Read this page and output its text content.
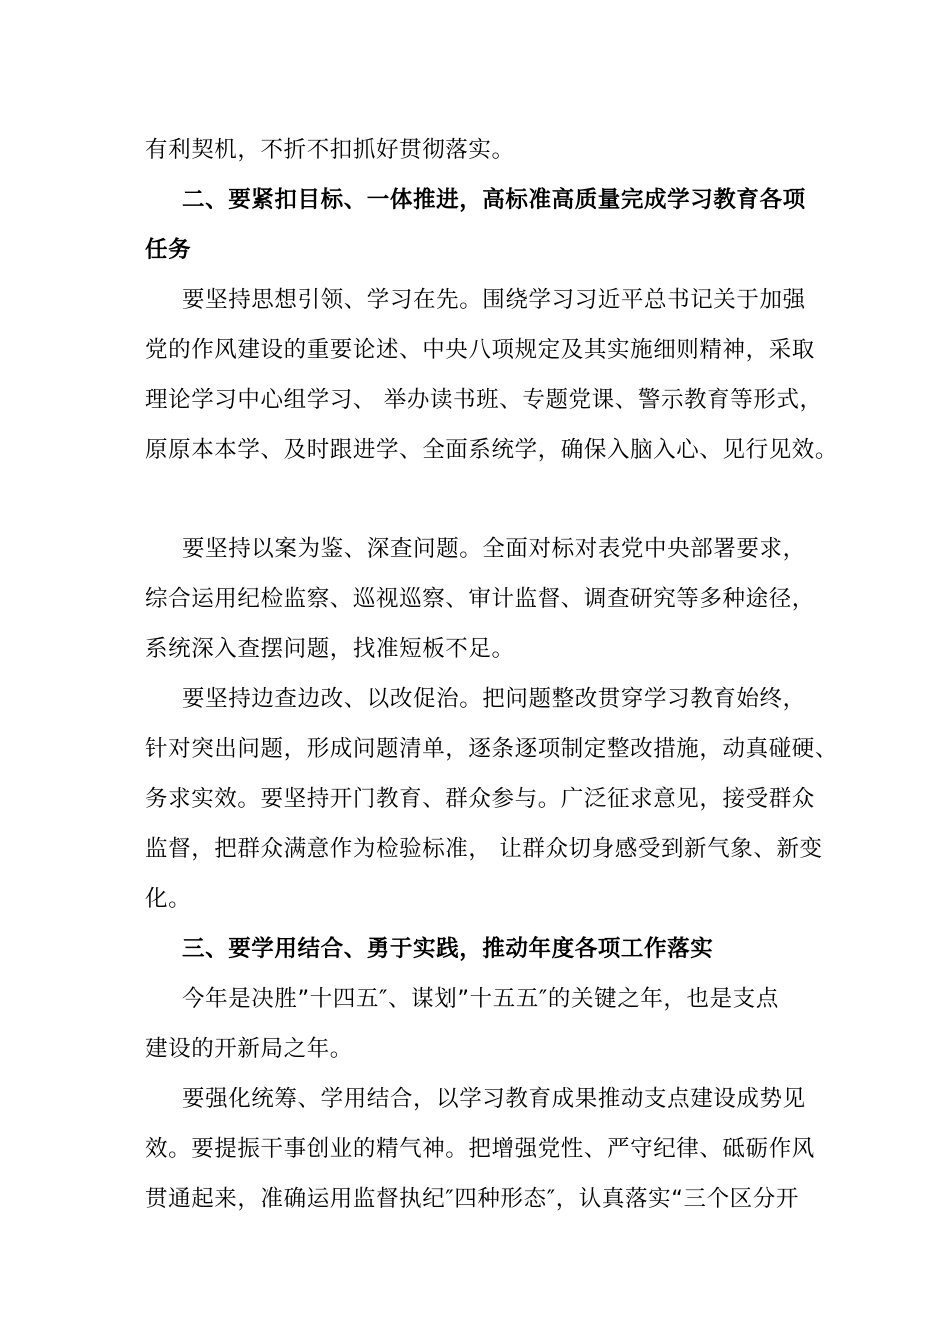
有利契机，不折不扣抓好贯彻落实。
二、要紧扣目标、一体推进，高标准高质量完成学习教育各项
任务
要坚持思想引领、学习在先。围绕学习习近平总书记关于加强
党的作风建设的重要论述、中央八项规定及其实施细则精神，采取
理论学习中心组学习、 举办读书班、专题党课、警示教育等形式，
原原本本学、及时跟进学、全面系统学，确保入脑入心、见行见效。
要坚持以案为鉴、深查问题。全面对标对表党中央部署要求，
综合运用纪检监察、巡视巡察、审计监督、调查研究等多种途径，
系统深入查摆问题，找准短板不足。
要坚持边查边改、以改促治。把问题整改贯穿学习教育始终，
针对突出问题，形成问题清单，逐条逐项制定整改措施，动真碰硬、
务求实效。要坚持开门教育、群众参与。广泛征求意见，接受群众
监督，把群众满意作为检验标准， 让群众切身感受到新气象、新变
化。
三、要学用结合、勇于实践，推动年度各项工作落实
今年是决胜”十四五″、谋划”十五五″的关键之年，也是支点
建设的开新局之年。
要强化统筹、学用结合，以学习教育成果推动支点建设成势见
效。要提振干事创业的精气神。把增强党性、严守纪律、砥砺作风
贯通起来，准确运用监督执纪″四种形态″，认真落实“三个区分开
